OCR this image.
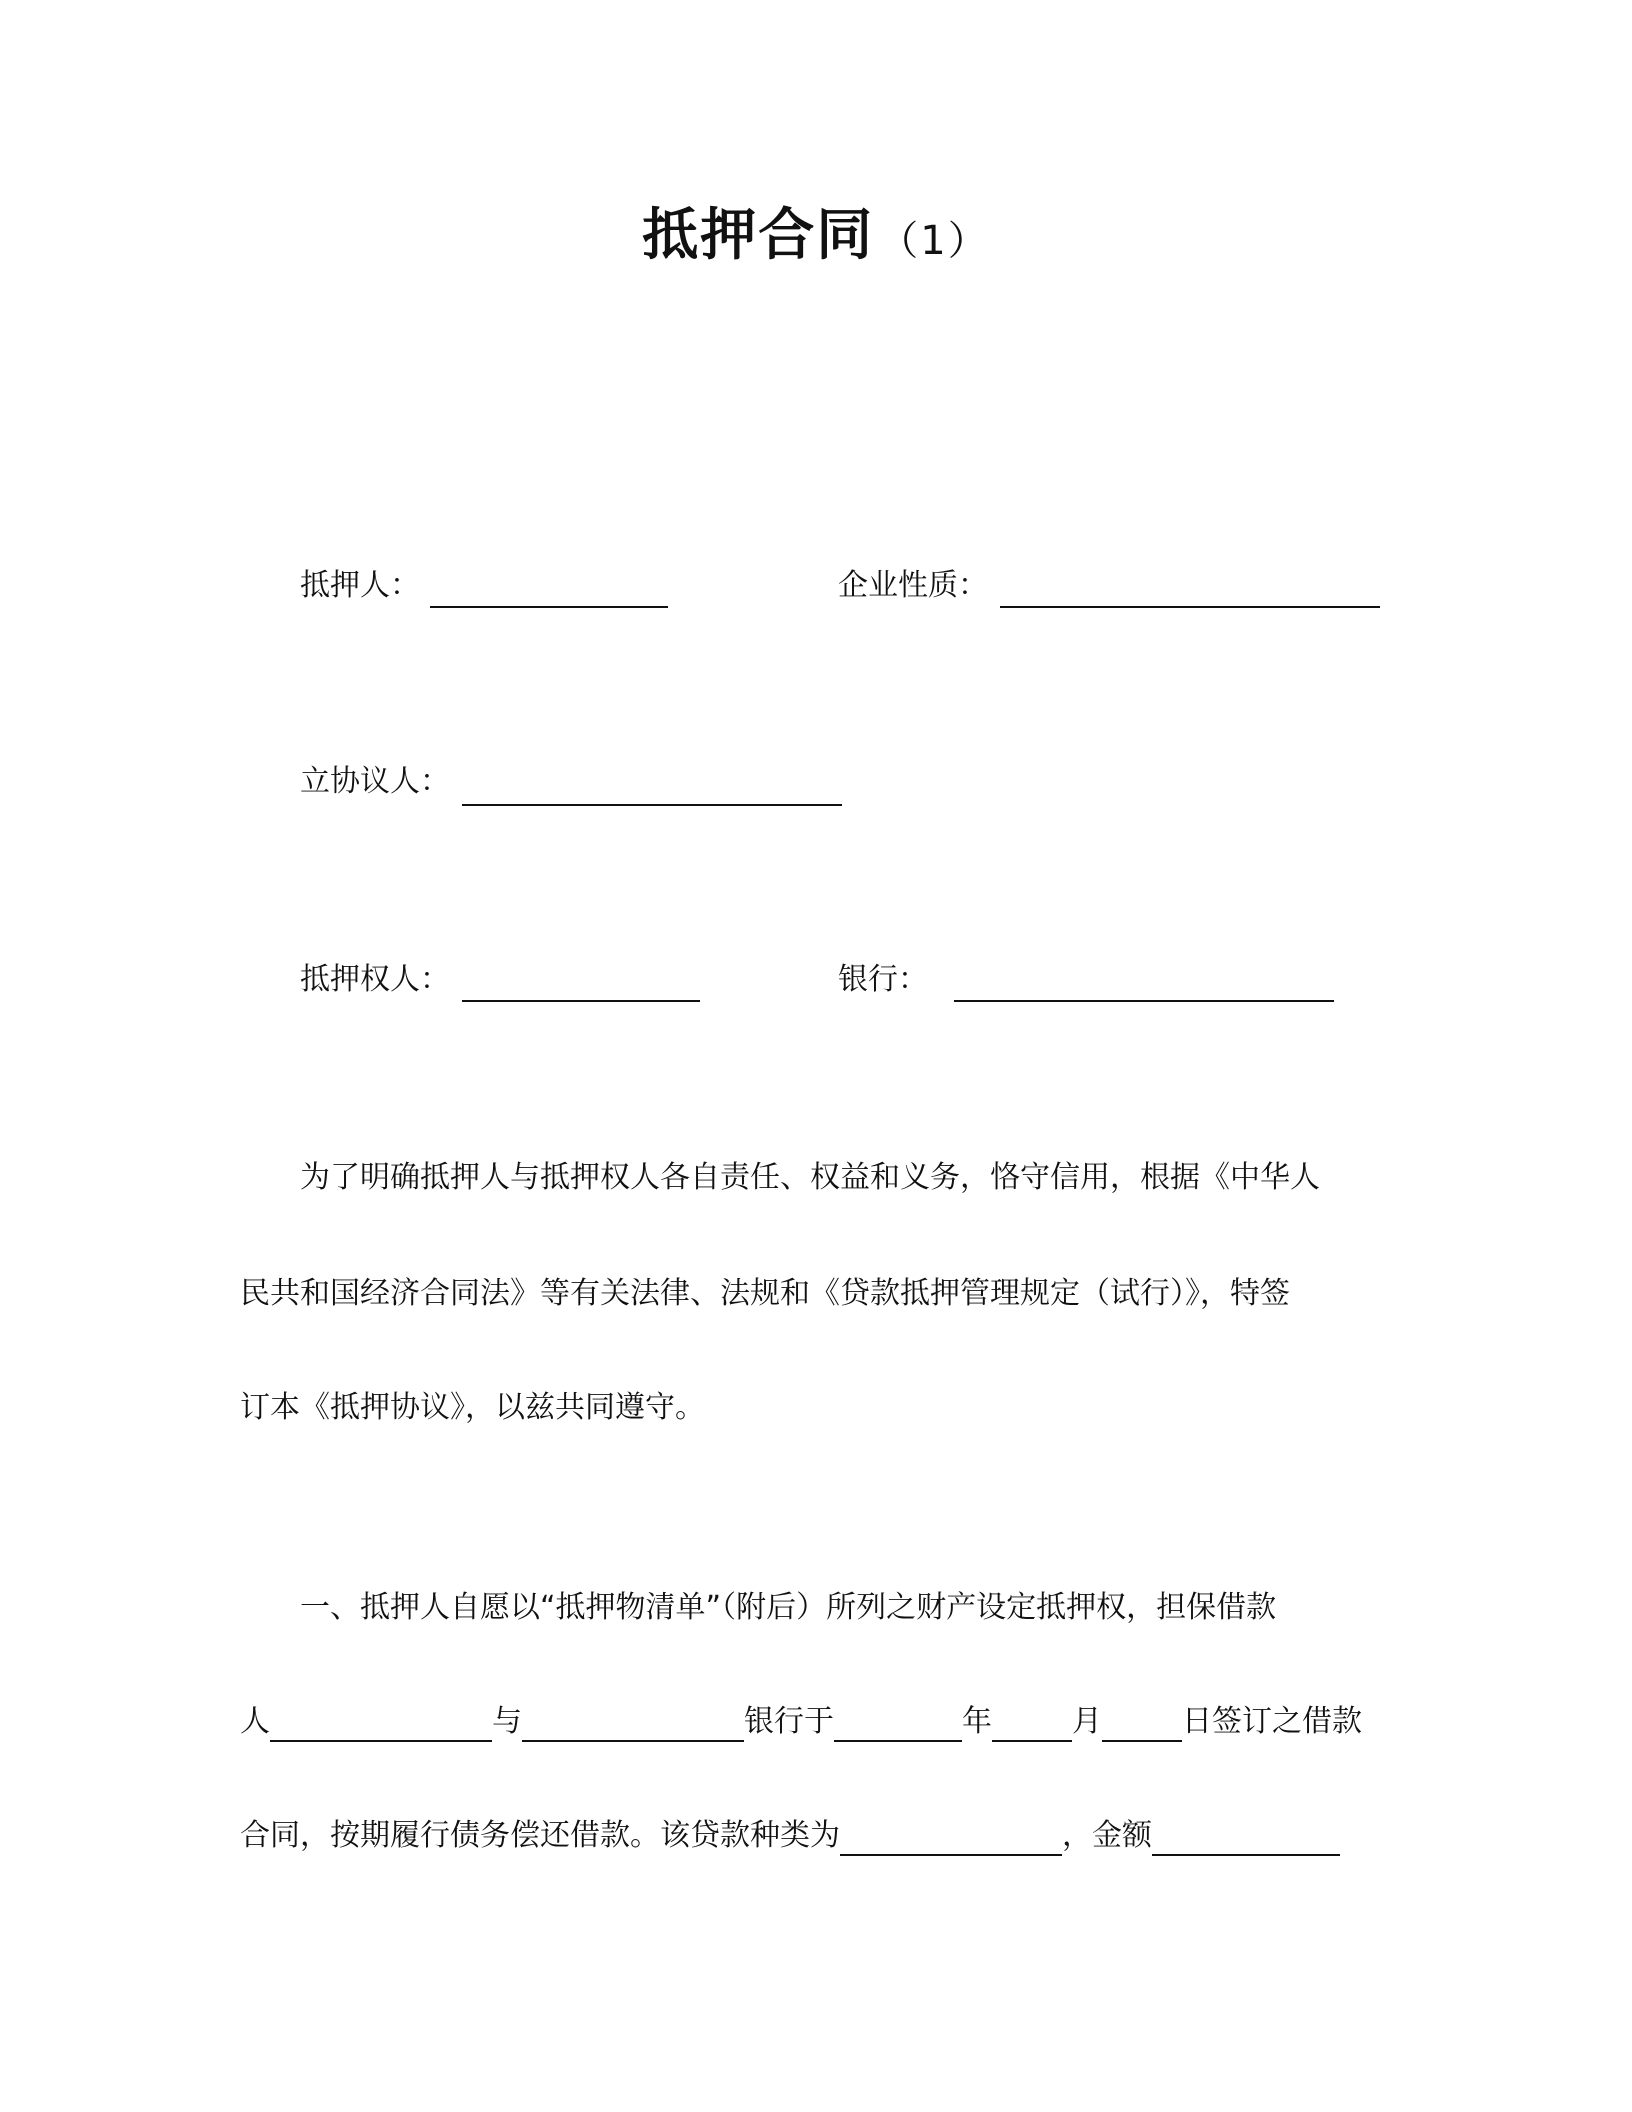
抵押合同 （1）
抵押人：	企业性质：
立协议人：
抵押权人：	银行：
为了明确抵押人与抵押权人各自责任、权益和义务，恪守信用，根据《中华人
民共和国经济合同法》等有关法律、法规和《贷款抵押管理规定（试行）》，特签
订本《抵押协议》，以兹共同遵守。
一、抵押人自愿以“抵押物清单”（附后）所列之财产设定抵押权，担保借款
人	与	银行于	年	月	日签订之借款
合同，按期履行债务偿还借款。该贷款种类为	，金额
